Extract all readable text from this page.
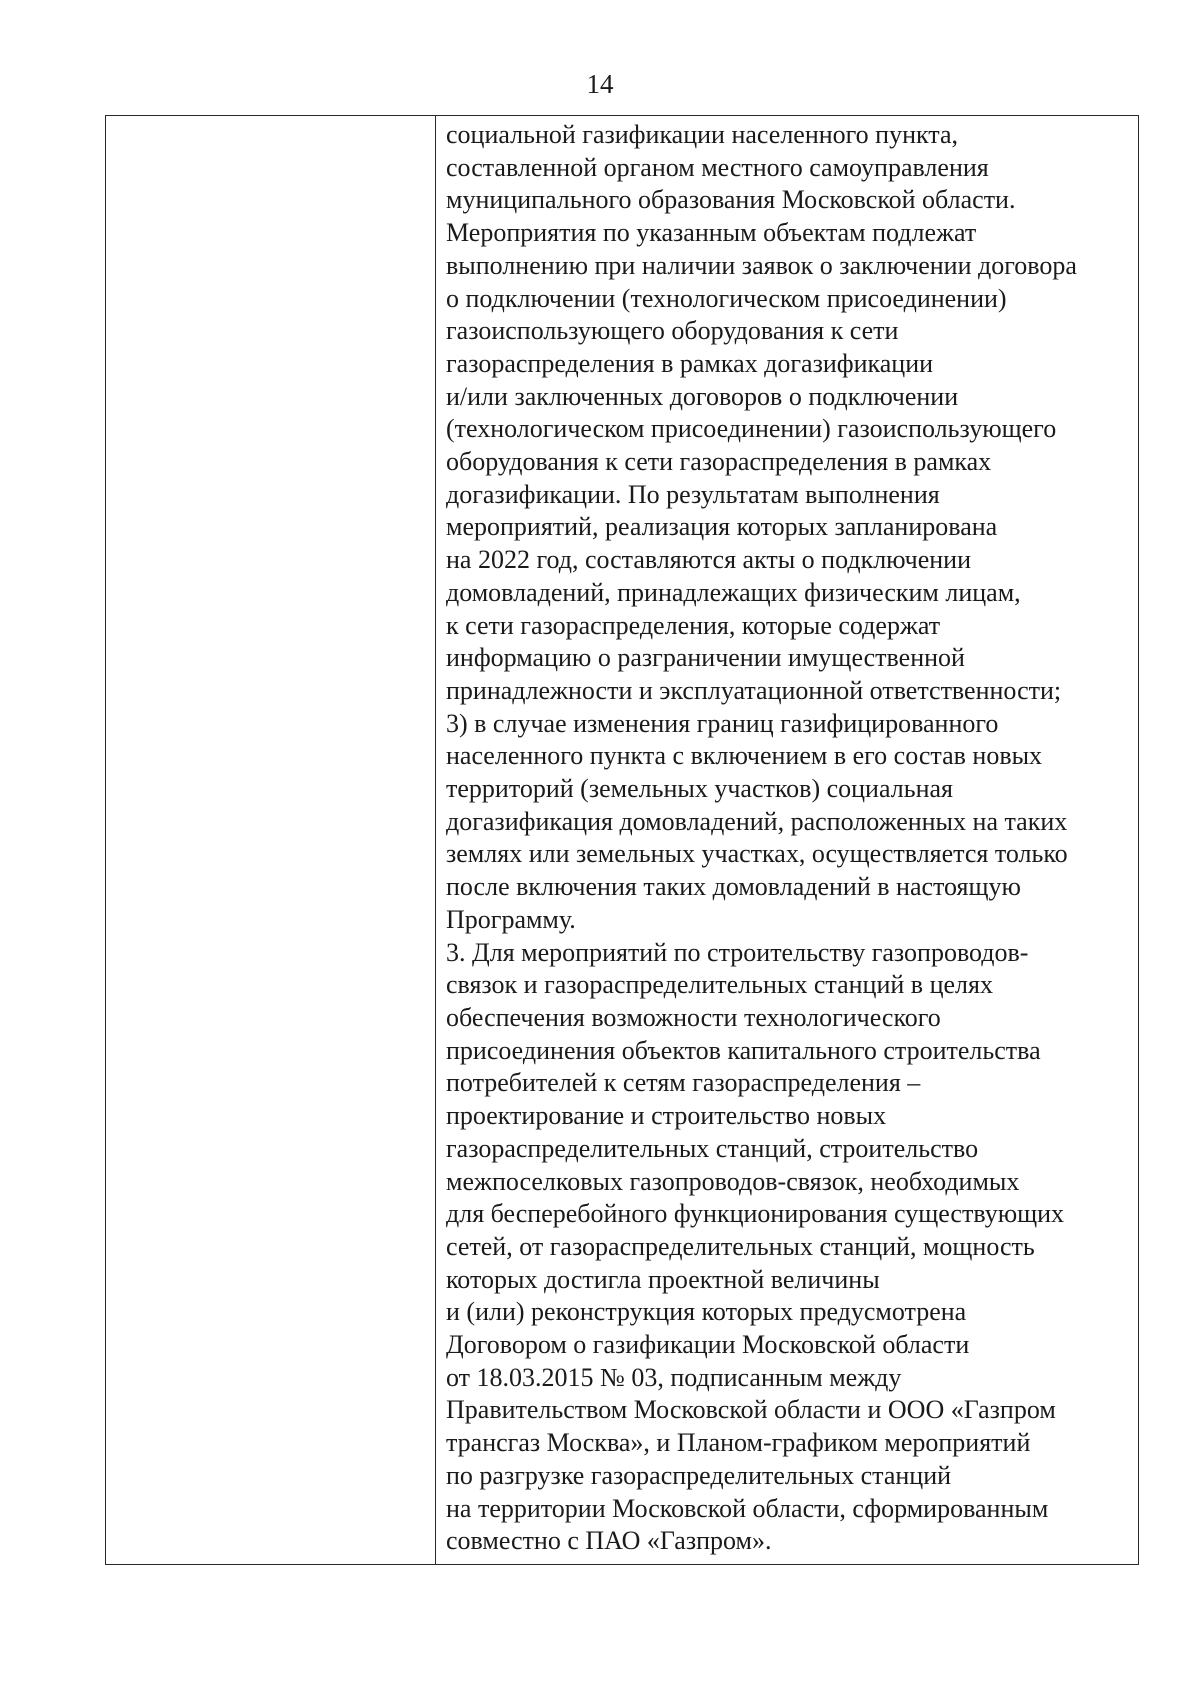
14
социальной газификации населенного пункта,
составленной органом местного самоуправления
муниципального образования Московской области.
Мероприятия по указанным объектам подлежат
выполнению при наличии заявок о заключении договора
о подключении (технологическом присоединении)
газоиспользующего оборудования к сети
газораспределения в рамках догазификации
и/или заключенных договоров о подключении
(технологическом присоединении) газоиспользующего
оборудования к сети газораспределения в рамках
догазификации. По результатам выполнения
мероприятий, реализация которых запланирована
на 2022 год, составляются акты о подключении
домовладений, принадлежащих физическим лицам,
к сети газораспределения, которые содержат
информацию о разграничении имущественной
принадлежности и эксплуатационной ответственности;
3) в случае изменения границ газифицированного
населенного пункта с включением в его состав новых
территорий (земельных участков) социальная
догазификация домовладений, расположенных на таких
землях или земельных участках, осуществляется только
после включения таких домовладений в настоящую
Программу.
3. Для мероприятий по строительству газопроводов-
связок и газораспределительных станций в целях
обеспечения возможности технологического
присоединения объектов капитального строительства
потребителей к сетям газораспределения –
проектирование и строительство новых
газораспределительных станций, строительство
межпоселковых газопроводов-связок, необходимых
для бесперебойного функционирования существующих
сетей, от газораспределительных станций, мощность
которых достигла проектной величины
и (или) реконструкция которых предусмотрена
Договором о газификации Московской области
от 18.03.2015 № 03, подписанным между
Правительством Московской области и ООО «Газпром
трансгаз Москва», и Планом-графиком мероприятий
по разгрузке газораспределительных станций
на территории Московской области, сформированным
совместно с ПАО «Газпром».
